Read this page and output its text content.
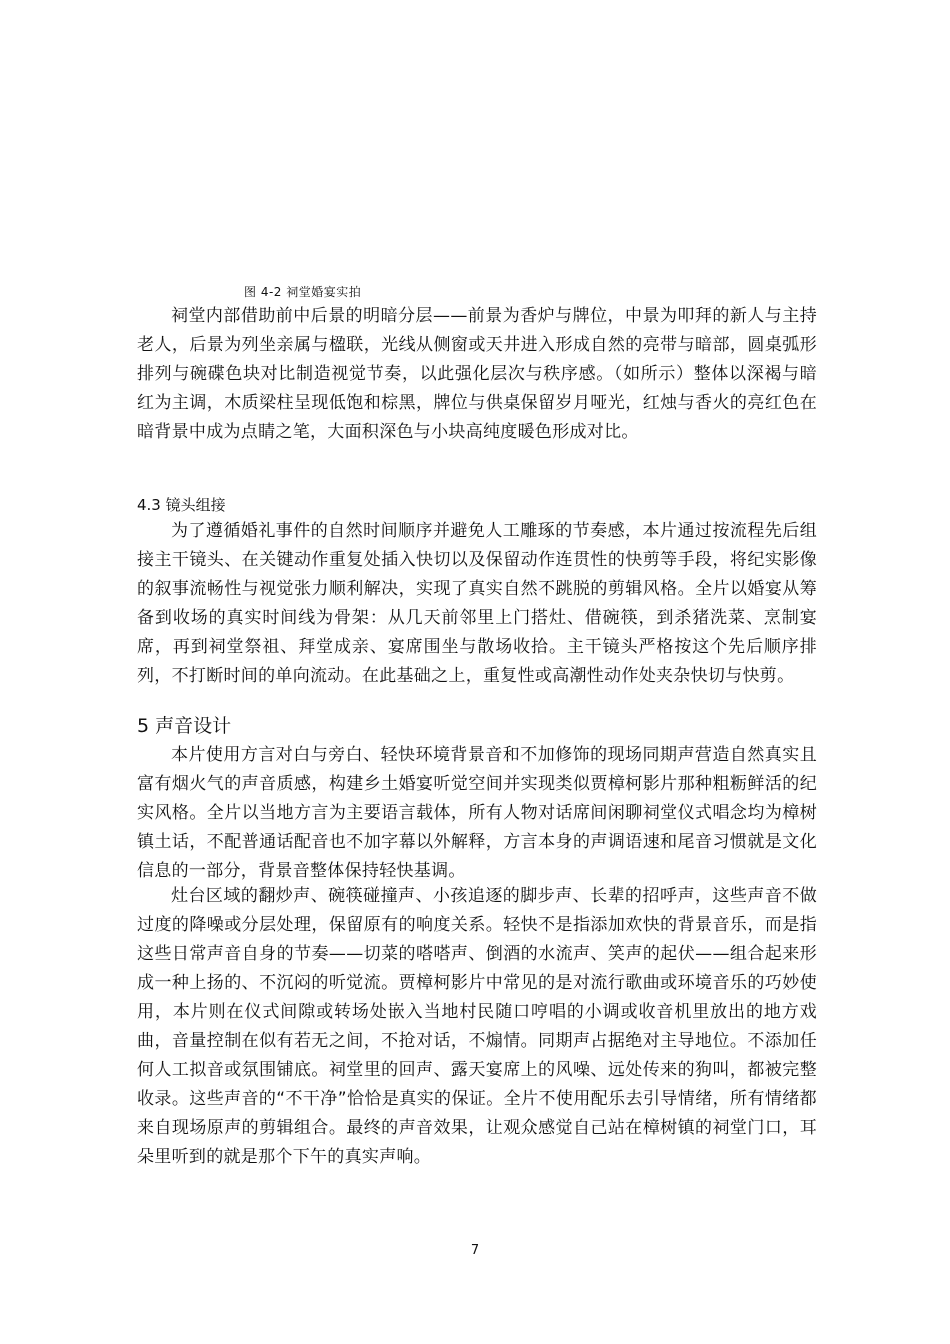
图 4-2 祠堂婚宴实拍

祠堂内部借助前中后景的明暗分层——前景为香炉与牌位，中景为叩拜的新人与主持老人，后景为列坐亲属与楹联，光线从侧窗或天井进入形成自然的亮带与暗部，圆桌弧形排列与碗碟色块对比制造视觉节奏，以此强化层次与秩序感。（如所示）整体以深褐与暗红为主调，木质梁柱呈现低饱和棕黑，牌位与供桌保留岁月哑光，红烛与香火的亮红色在暗背景中成为点睛之笔，大面积深色与小块高纯度暖色形成对比。

4.3 镜头组接

为了遵循婚礼事件的自然时间顺序并避免人工雕琢的节奏感，本片通过按流程先后组接主干镜头、在关键动作重复处插入快切以及保留动作连贯性的快剪等手段，将纪实影像的叙事流畅性与视觉张力顺利解决，实现了真实自然不跳脱的剪辑风格。全片以婚宴从筹备到收场的真实时间线为骨架：从几天前邻里上门搭灶、借碗筷，到杀猪洗菜、烹制宴席，再到祠堂祭祖、拜堂成亲、宴席围坐与散场收拾。主干镜头严格按这个先后顺序排列，不打断时间的单向流动。在此基础之上，重复性或高潮性动作处夹杂快切与快剪。

5 声音设计

本片使用方言对白与旁白、轻快环境背景音和不加修饰的现场同期声营造自然真实且富有烟火气的声音质感，构建乡土婚宴听觉空间并实现类似贾樟柯影片那种粗粝鲜活的纪实风格。全片以当地方言为主要语言载体，所有人物对话席间闲聊祠堂仪式唱念均为樟树镇土话，不配普通话配音也不加字幕以外解释，方言本身的声调语速和尾音习惯就是文化信息的一部分，背景音整体保持轻快基调。

灶台区域的翻炒声、碗筷碰撞声、小孩追逐的脚步声、长辈的招呼声，这些声音不做过度的降噪或分层处理，保留原有的响度关系。轻快不是指添加欢快的背景音乐，而是指这些日常声音自身的节奏——切菜的嗒嗒声、倒酒的水流声、笑声的起伏——组合起来形成一种上扬的、不沉闷的听觉流。贾樟柯影片中常见的是对流行歌曲或环境音乐的巧妙使用，本片则在仪式间隙或转场处嵌入当地村民随口哼唱的小调或收音机里放出的地方戏曲，音量控制在似有若无之间，不抢对话，不煽情。同期声占据绝对主导地位。不添加任何人工拟音或氛围铺底。祠堂里的回声、露天宴席上的风噪、远处传来的狗叫，都被完整收录。这些声音的“不干净”恰恰是真实的保证。全片不使用配乐去引导情绪，所有情绪都来自现场原声的剪辑组合。最终的声音效果，让观众感觉自己站在樟树镇的祠堂门口，耳朵里听到的就是那个下午的真实声响。

7
